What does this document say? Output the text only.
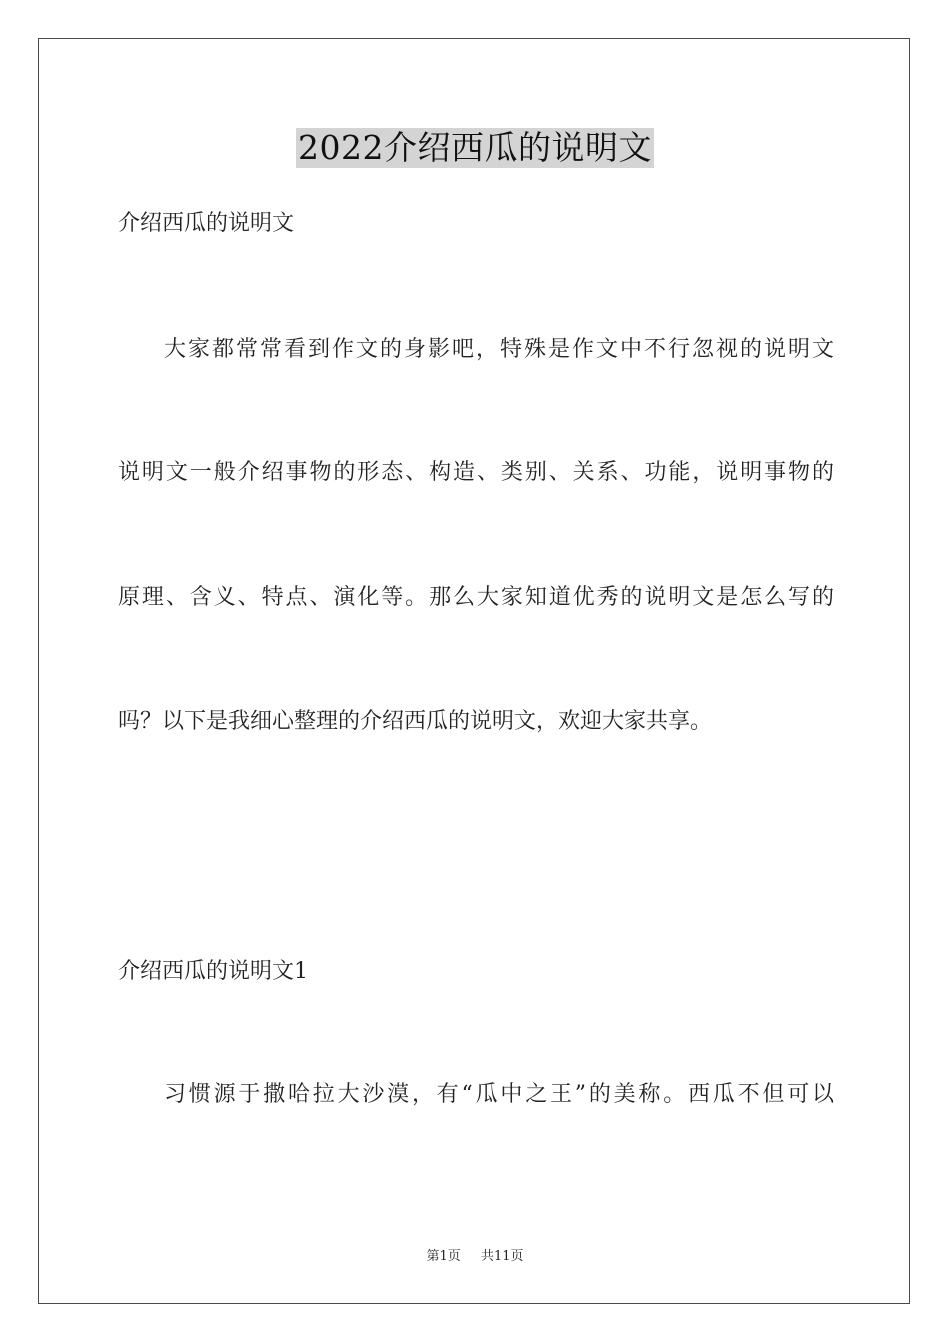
2022介绍西瓜的说明文
介绍西瓜的说明文
大家都常常看到作文的身影吧，特殊是作文中不行忽视的说明文
说明文一般介绍事物的形态、构造、类别、关系、功能，说明事物的
原理、含义、特点、演化等。那么大家知道优秀的说明文是怎么写的
吗？以下是我细心整理的介绍西瓜的说明文，欢迎大家共享。
介绍西瓜的说明文1
习惯源于撒哈拉大沙漠，有“瓜中之王”的美称。西瓜不但可以
第1页 共11页
